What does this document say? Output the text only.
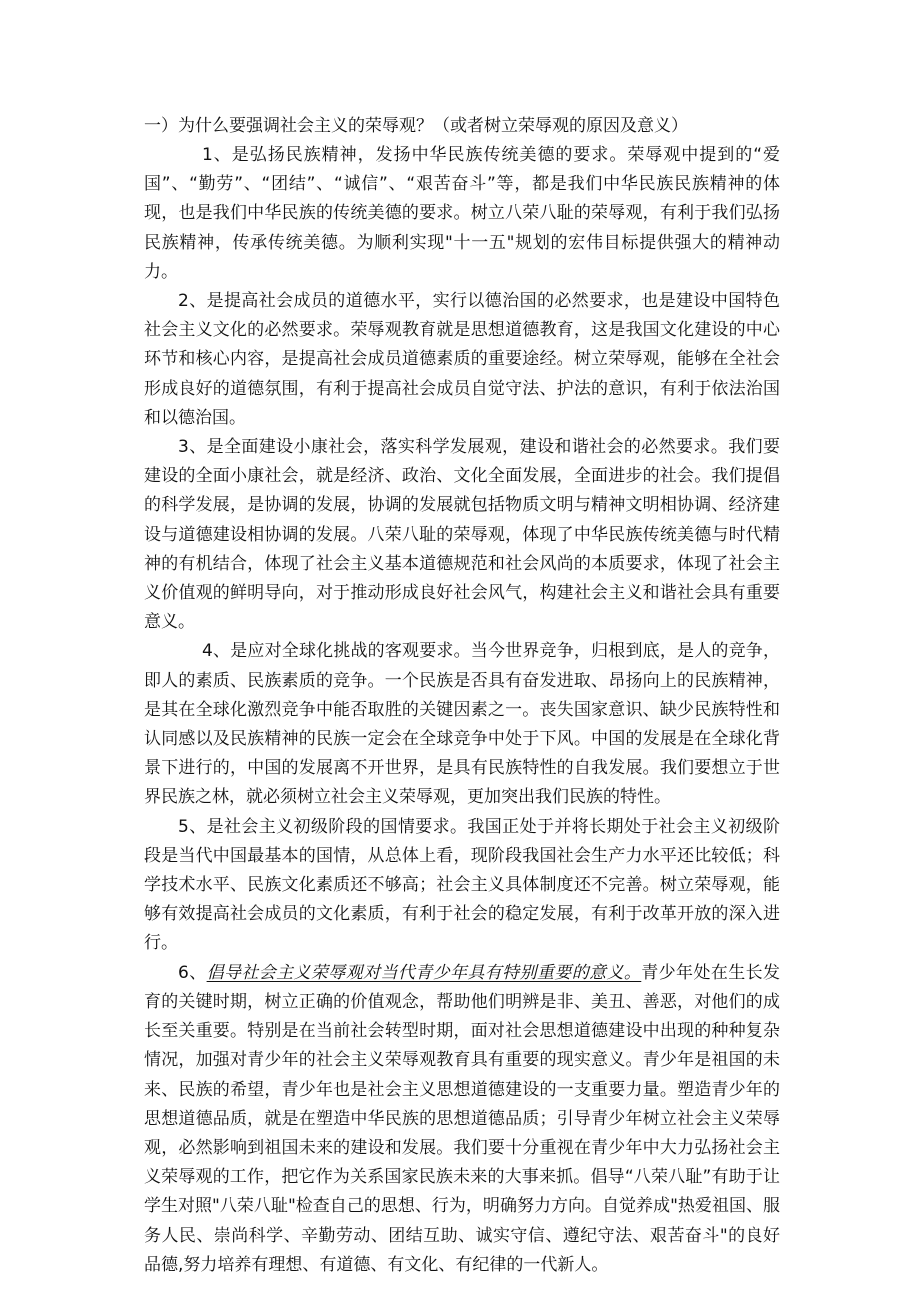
一）为什么要强调社会主义的荣辱观？（或者树立荣辱观的原因及意义）

1、是弘扬民族精神，发扬中华民族传统美德的要求。荣辱观中提到的“爱国”、“勤劳”、“团结”、“诚信”、“艰苦奋斗”等，都是我们中华民族民族精神的体现，也是我们中华民族的传统美德的要求。树立八荣八耻的荣辱观，有利于我们弘扬民族精神，传承传统美德。为顺利实现"十一五"规划的宏伟目标提供强大的精神动力。

2、是提高社会成员的道德水平，实行以德治国的必然要求，也是建设中国特色社会主义文化的必然要求。荣辱观教育就是思想道德教育，这是我国文化建设的中心环节和核心内容，是提高社会成员道德素质的重要途经。树立荣辱观，能够在全社会形成良好的道德氛围，有利于提高社会成员自觉守法、护法的意识，有利于依法治国和以德治国。

3、是全面建设小康社会，落实科学发展观，建设和谐社会的必然要求。我们要建设的全面小康社会，就是经济、政治、文化全面发展，全面进步的社会。我们提倡的科学发展，是协调的发展，协调的发展就包括物质文明与精神文明相协调、经济建设与道德建设相协调的发展。八荣八耻的荣辱观，体现了中华民族传统美德与时代精神的有机结合，体现了社会主义基本道德规范和社会风尚的本质要求，体现了社会主义价值观的鲜明导向，对于推动形成良好社会风气，构建社会主义和谐社会具有重要意义。

4、是应对全球化挑战的客观要求。当今世界竞争，归根到底，是人的竞争，即人的素质、民族素质的竞争。一个民族是否具有奋发进取、昂扬向上的民族精神，是其在全球化激烈竞争中能否取胜的关键因素之一。丧失国家意识、缺少民族特性和认同感以及民族精神的民族一定会在全球竞争中处于下风。中国的发展是在全球化背景下进行的，中国的发展离不开世界，是具有民族特性的自我发展。我们要想立于世界民族之林，就必须树立社会主义荣辱观，更加突出我们民族的特性。

5、是社会主义初级阶段的国情要求。我国正处于并将长期处于社会主义初级阶段是当代中国最基本的国情，从总体上看，现阶段我国社会生产力水平还比较低；科学技术水平、民族文化素质还不够高；社会主义具体制度还不完善。树立荣辱观，能够有效提高社会成员的文化素质，有利于社会的稳定发展，有利于改革开放的深入进行。

6、倡导社会主义荣辱观对当代青少年具有特别重要的意义。青少年处在生长发育的关键时期，树立正确的价值观念，帮助他们明辨是非、美丑、善恶，对他们的成长至关重要。特别是在当前社会转型时期，面对社会思想道德建设中出现的种种复杂情况，加强对青少年的社会主义荣辱观教育具有重要的现实意义。青少年是祖国的未来、民族的希望，青少年也是社会主义思想道德建设的一支重要力量。塑造青少年的思想道德品质，就是在塑造中华民族的思想道德品质；引导青少年树立社会主义荣辱观，必然影响到祖国未来的建设和发展。我们要十分重视在青少年中大力弘扬社会主义荣辱观的工作，把它作为关系国家民族未来的大事来抓。倡导“八荣八耻”有助于让学生对照"八荣八耻"检查自己的思想、行为，明确努力方向。自觉养成"热爱祖国、服务人民、崇尚科学、辛勤劳动、团结互助、诚实守信、遵纪守法、艰苦奋斗"的良好品德,努力培养有理想、有道德、有文化、有纪律的一代新人。
